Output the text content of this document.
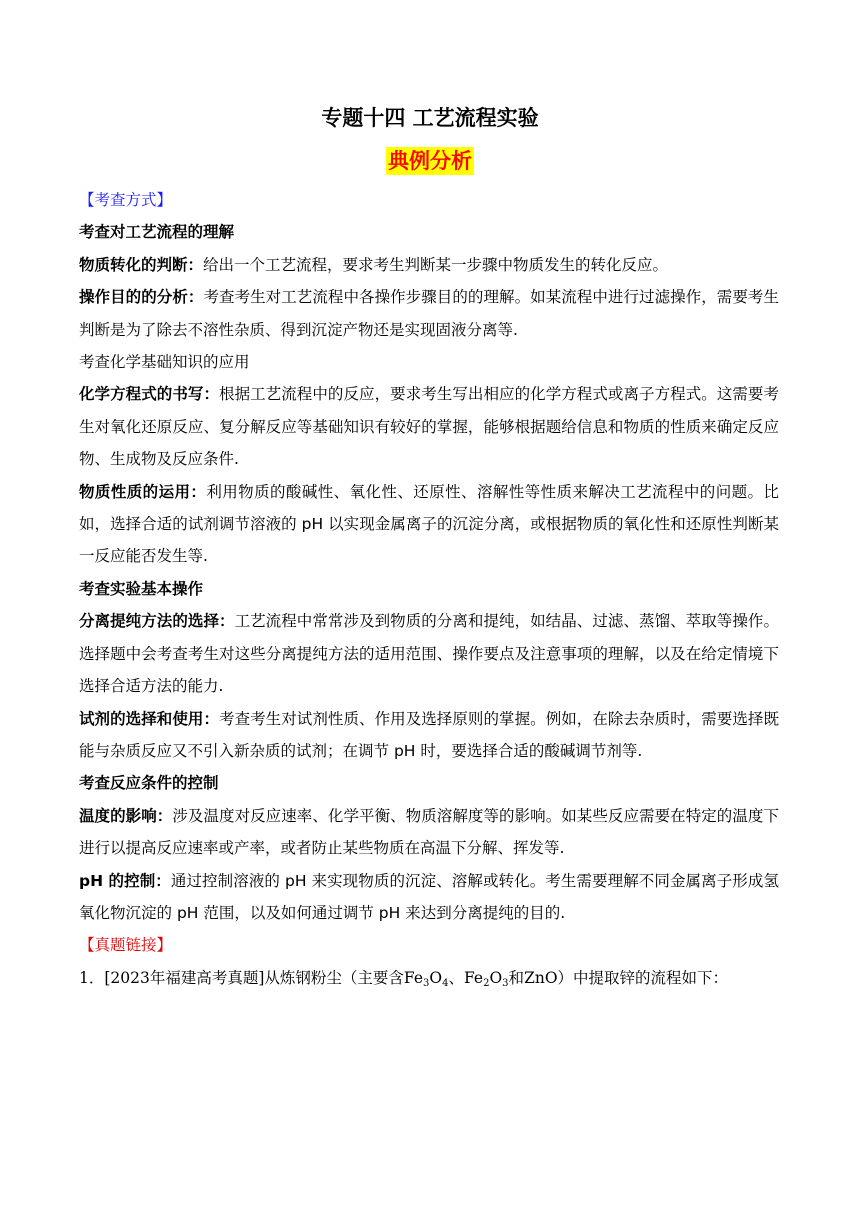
专题十四 工艺流程实验
典例分析

【考查方式】

考查对工艺流程的理解

物质转化的判断：给出一个工艺流程，要求考生判断某一步骤中物质发生的转化反应。

操作目的的分析：考查考生对工艺流程中各操作步骤目的的理解。如某流程中进行过滤操作，需要考生判断是为了除去不溶性杂质、得到沉淀产物还是实现固液分离等.

考查化学基础知识的应用

化学方程式的书写：根据工艺流程中的反应，要求考生写出相应的化学方程式或离子方程式。这需要考生对氧化还原反应、复分解反应等基础知识有较好的掌握，能够根据题给信息和物质的性质来确定反应物、生成物及反应条件.

物质性质的运用：利用物质的酸碱性、氧化性、还原性、溶解性等性质来解决工艺流程中的问题。比如，选择合适的试剂调节溶液的 pH 以实现金属离子的沉淀分离，或根据物质的氧化性和还原性判断某一反应能否发生等.

考查实验基本操作

分离提纯方法的选择：工艺流程中常常涉及到物质的分离和提纯，如结晶、过滤、蒸馏、萃取等操作。选择题中会考查考生对这些分离提纯方法的适用范围、操作要点及注意事项的理解，以及在给定情境下选择合适方法的能力.

试剂的选择和使用：考查考生对试剂性质、作用及选择原则的掌握。例如，在除去杂质时，需要选择既能与杂质反应又不引入新杂质的试剂；在调节 pH 时，要选择合适的酸碱调节剂等.

考查反应条件的控制

温度的影响：涉及温度对反应速率、化学平衡、物质溶解度等的影响。如某些反应需要在特定的温度下进行以提高反应速率或产率，或者防止某些物质在高温下分解、挥发等.

pH 的控制：通过控制溶液的 pH 来实现物质的沉淀、溶解或转化。考生需要理解不同金属离子形成氢氧化物沉淀的 pH 范围，以及如何通过调节 pH 来达到分离提纯的目的.

【真题链接】

1．[2023年福建高考真题]从炼钢粉尘（主要含$Fe_3O_4$、$Fe_2O_3$和ZnO）中提取锌的流程如下：
